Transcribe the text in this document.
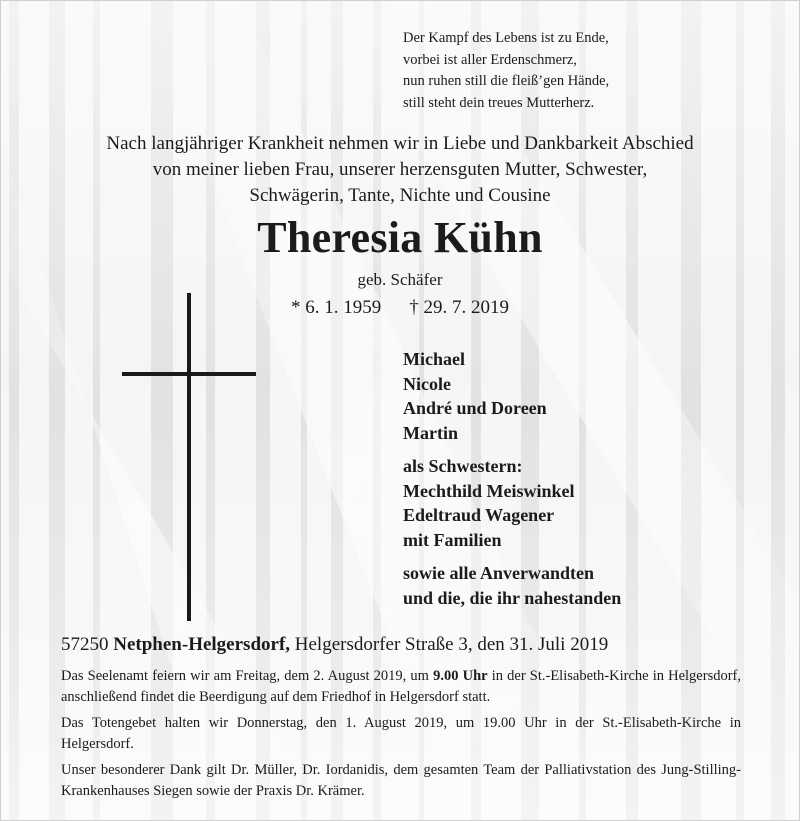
Der Kampf des Lebens ist zu Ende,
vorbei ist aller Erdenschmerz,
nun ruhen still die fleiß’gen Hände,
still steht dein treues Mutterherz.
Nach langjähriger Krankheit nehmen wir in Liebe und Dankbarkeit Abschied
von meiner lieben Frau, unserer herzensguten Mutter, Schwester,
Schwägerin, Tante, Nichte und Cousine
Theresia Kühn
geb. Schäfer
* 6. 1. 1959 † 29. 7. 2019
Michael
Nicole
André und Doreen
Martin
als Schwestern:
Mechthild Meiswinkel
Edeltraud Wagener
mit Familien
sowie alle Anverwandten
und die, die ihr nahestanden
57250 Netphen-Helgersdorf, Helgersdorfer Straße 3, den 31. Juli 2019
Das Seelenamt feiern wir am Freitag, dem 2. August 2019, um 9.00 Uhr in der St.-Elisabeth-Kirche in Helgersdorf, anschließend findet die Beerdigung auf dem Friedhof in Helgersdorf statt.
Das Totengebet halten wir Donnerstag, den 1. August 2019, um 19.00 Uhr in der St.-Elisabeth-Kirche in Helgersdorf.
Unser besonderer Dank gilt Dr. Müller, Dr. Iordanidis, dem gesamten Team der Palliativstation des Jung-Stilling-Krankenhauses Siegen sowie der Praxis Dr. Krämer.
